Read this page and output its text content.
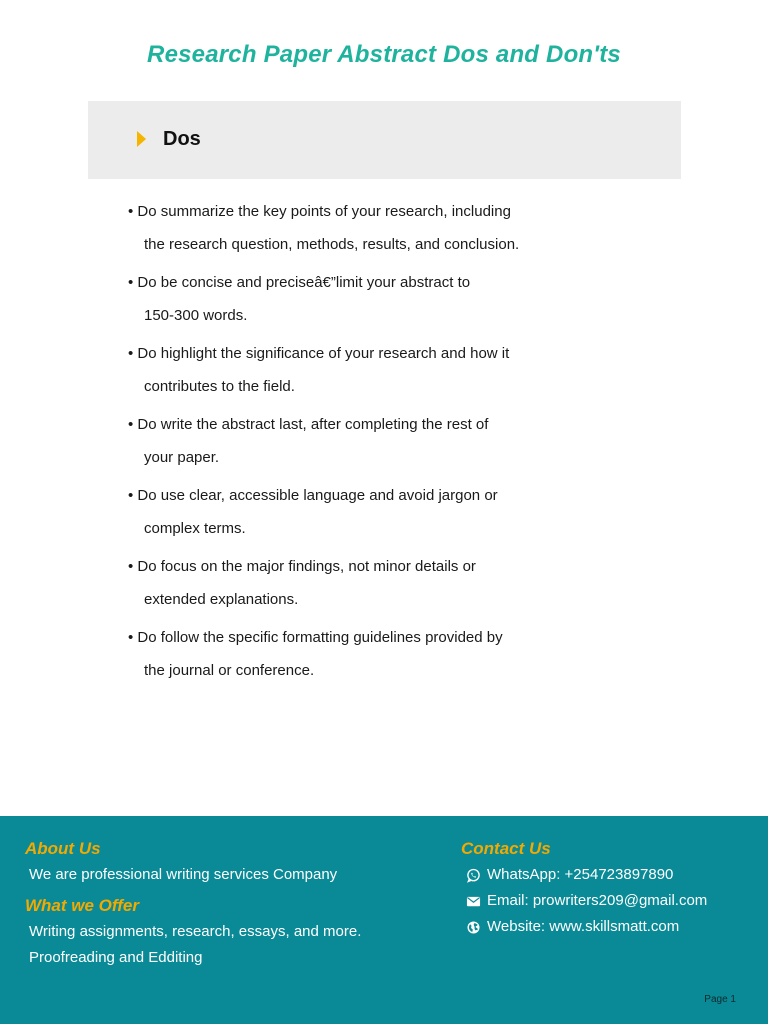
Research Paper Abstract Dos and Don'ts
Dos
• Do summarize the key points of your research, including
the research question, methods, results, and conclusion.
• Do be concise and preciseâ€”limit your abstract to
150-300 words.
• Do highlight the significance of your research and how it
contributes to the field.
• Do write the abstract last, after completing the rest of
your paper.
• Do use clear, accessible language and avoid jargon or
complex terms.
• Do focus on the major findings, not minor details or
extended explanations.
• Do follow the specific formatting guidelines provided by
the journal or conference.
About Us
We are professional writing services Company
What we Offer
Writing assignments, research, essays, and more.
Proofreading and Edditing
Contact Us
WhatsApp: +254723897890
Email: prowriters209@gmail.com
Website: www.skillsmatt.com
Page 1
